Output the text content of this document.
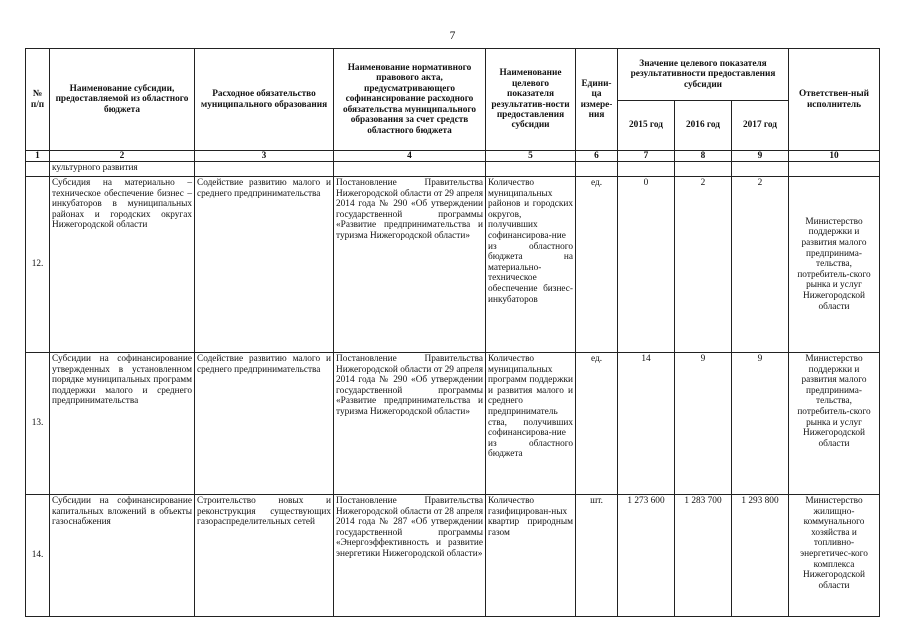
7
№ п/п	Наименование субсидии, предоставляемой из областного бюджета	Расходное обязательство муниципального образования	Наименование нормативного правового акта, предусматривающего софинансирование расходного обязательства муниципального образования за счет средств областного бюджета	Наименование целевого показателя результатив-ности предоставления субсидии	Едини-ца измере-ния	Значение целевого показателя результативности предоставления субсидии			Ответствен-ный исполнитель
						2015 год	2016 год	2017 год	
1	2	3	4	5	6	7	8	9	10
	культурного развития								
12.	Субсидия на материально – техническое обеспечение бизнес – инкубаторов в муниципальных районах и городских округах Нижегородской области	Содействие развитию малого и среднего предпринимательства	Постановление Правительства Нижегородской области от 29 апреля 2014 года № 290 «Об утверждении государственной программы «Развитие предпринимательства и туризма Нижегородской области»	Количество муниципальных районов и городских округов, получивших софинансирова-ние из областного бюджета на материально-техническое обеспечение бизнес-инкубаторов	ед.	0	2	2	Министерство поддержки и развития малого предпринима-тельства, потребитель-ского рынка и услуг Нижегородской области
13.	Субсидии на софинансирование утвержденных в установленном порядке муниципальных программ поддержки малого и среднего предпринимательства	Содействие развитию малого и среднего предпринимательства	Постановление Правительства Нижегородской области от 29 апреля 2014 года № 290 «Об утверждении государственной программы «Развитие предпринимательства и туризма Нижегородской области»	Количество муниципальных программ поддержки и развития малого и среднего предприниматель ства, получивших софинансирова-ние из областного бюджета	ед.	14	9	9	Министерство поддержки и развития малого предпринима-тельства, потребитель-ского рынка и услуг Нижегородской области
14.	Субсидии на софинансирование капитальных вложений в объекты газоснабжения	Строительство новых и реконструкция существующих газораспределительных сетей	Постановление Правительства Нижегородской области от 28 апреля 2014 года № 287 «Об утверждении государственной программы «Энергоэффективность и развитие энергетики Нижегородской области»	Количество газифицирован-ных квартир природным газом	шт.	1 273 600	1 283 700	1 293 800	Министерство жилищно-коммунального хозяйства и топливно-энергетичес-кого комплекса Нижегородской области
